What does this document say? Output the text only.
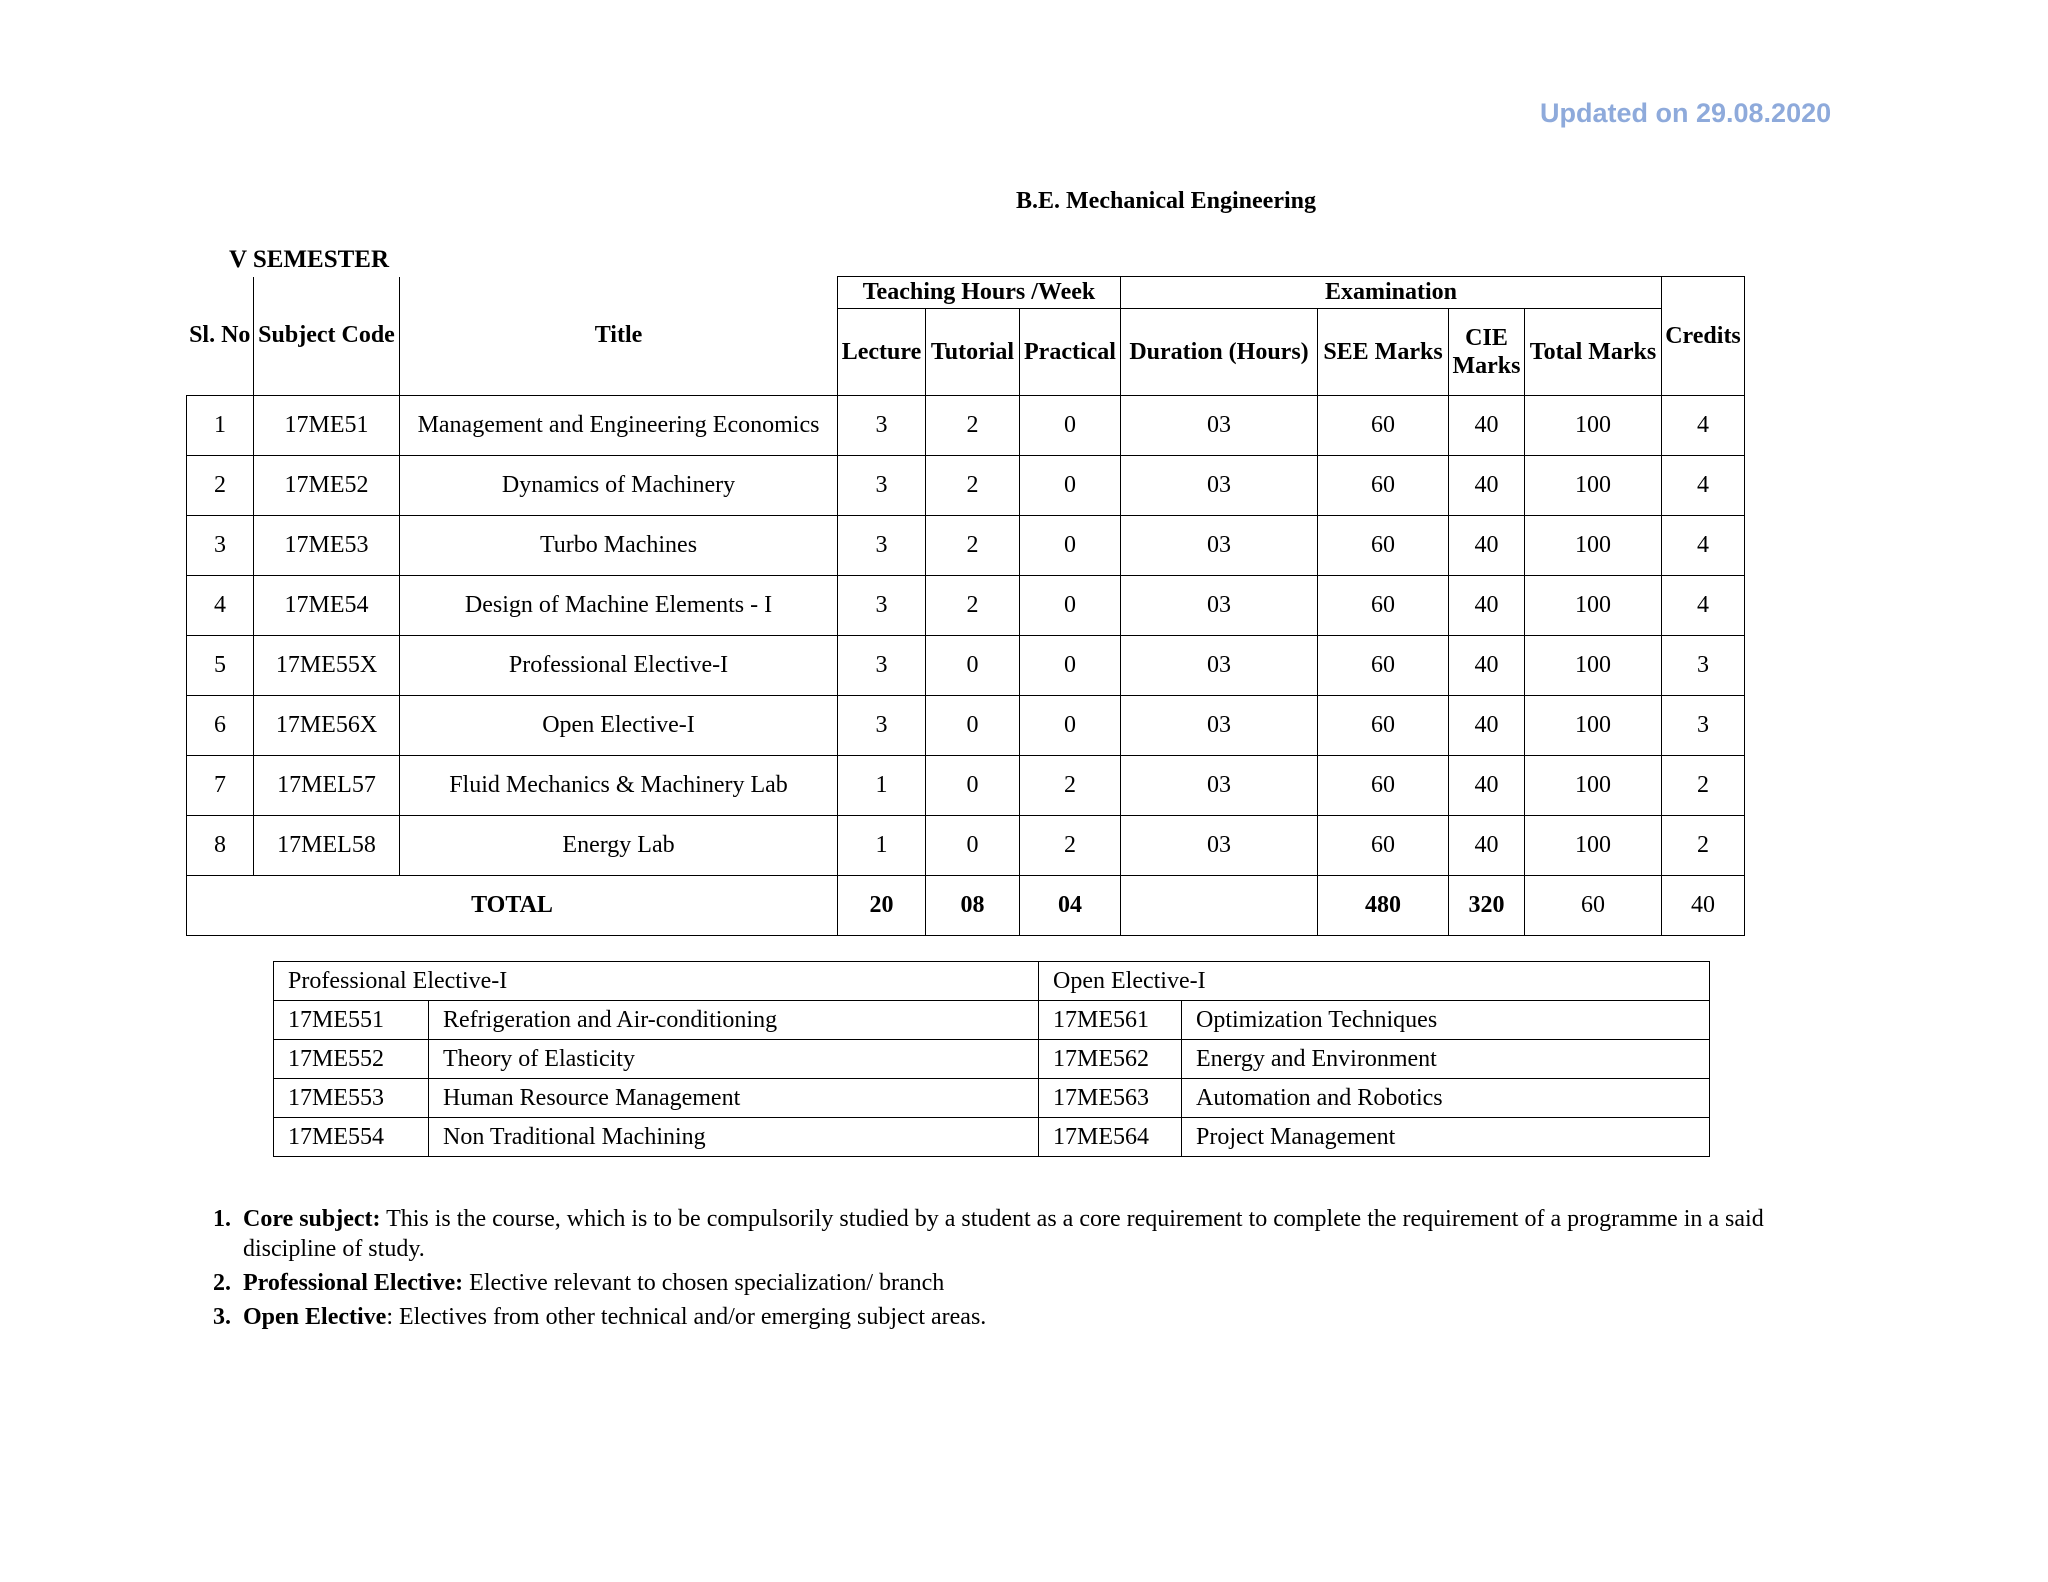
Updated on 29.08.2020
B.E. Mechanical Engineering
V SEMESTER
Sl. No	Subject Code	Title	Teaching Hours /Week			Examination				Credits
			Lecture	Tutorial	Practical	Duration (Hours)	SEE Marks	CIE Marks	Total Marks	
1	17ME51	Management and Engineering Economics	3	2	0	03	60	40	100	4
2	17ME52	Dynamics of Machinery	3	2	0	03	60	40	100	4
3	17ME53	Turbo Machines	3	2	0	03	60	40	100	4
4	17ME54	Design of Machine Elements - I	3	2	0	03	60	40	100	4
5	17ME55X	Professional Elective-I	3	0	0	03	60	40	100	3
6	17ME56X	Open Elective-I	3	0	0	03	60	40	100	3
7	17MEL57	Fluid Mechanics & Machinery Lab	1	0	2	03	60	40	100	2
8	17MEL58	Energy Lab	1	0	2	03	60	40	100	2
TOTAL			20	08	04		480	320	60	40
Professional Elective-I		Open Elective-I	
17ME551	Refrigeration and Air-conditioning	17ME561	Optimization Techniques
17ME552	Theory of Elasticity	17ME562	Energy and Environment
17ME553	Human Resource Management	17ME563	Automation and Robotics
17ME554	Non Traditional Machining	17ME564	Project Management
1. Core subject: This is the course, which is to be compulsorily studied by a student as a core requirement to complete the requirement of a programme in a said discipline of study.
2. Professional Elective: Elective relevant to chosen specialization/ branch
3. Open Elective: Electives from other technical and/or emerging subject areas.
